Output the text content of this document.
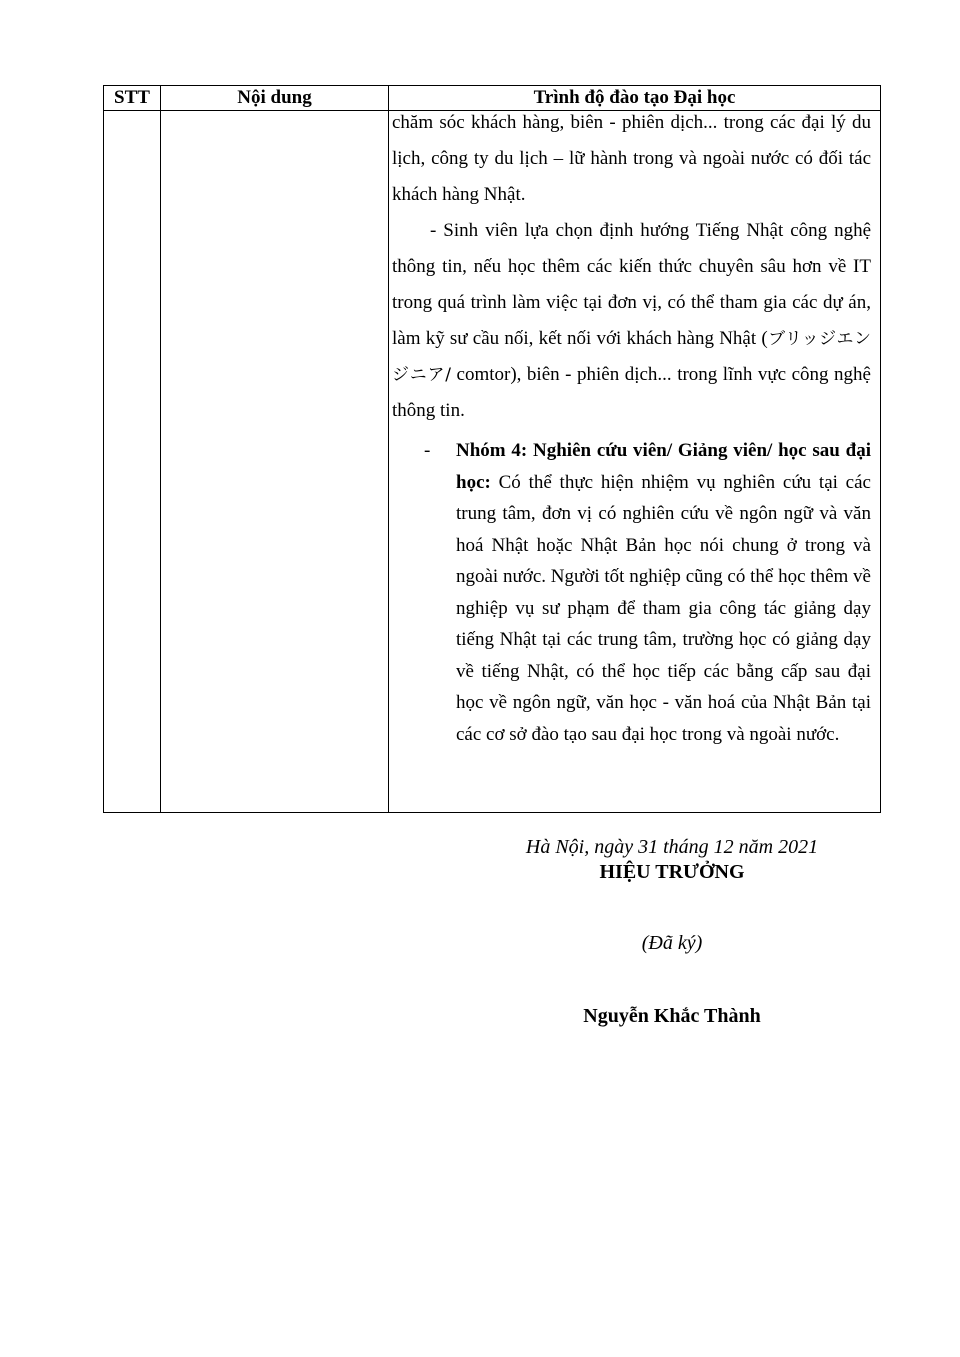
STT	Nội dung	Trình độ đào tạo Đại học

		chăm sóc khách hàng, biên - phiên dịch... trong các đại lý du lịch, công ty du lịch – lữ hành trong và ngoài nước có đối tác khách hàng Nhật.

- Sinh viên lựa chọn định hướng Tiếng Nhật công nghệ thông tin, nếu học thêm các kiến thức chuyên sâu hơn về IT trong quá trình làm việc tại đơn vị, có thể tham gia các dự án, làm kỹ sư cầu nối, kết nối với khách hàng Nhật (ブリッジエンジニア/ comtor), biên - phiên dịch... trong lĩnh vực công nghệ thông tin.

- Nhóm 4: Nghiên cứu viên/ Giảng viên/ học sau đại học: Có thể thực hiện nhiệm vụ nghiên cứu tại các trung tâm, đơn vị có nghiên cứu về ngôn ngữ và văn hoá Nhật hoặc Nhật Bản học nói chung ở trong và ngoài nước. Người tốt nghiệp cũng có thể học thêm về nghiệp vụ sư phạm để tham gia công tác giảng dạy tiếng Nhật tại các trung tâm, trường học có giảng dạy về tiếng Nhật, có thể học tiếp các bằng cấp sau đại học về ngôn ngữ, văn học - văn hoá của Nhật Bản tại các cơ sở đào tạo sau đại học trong và ngoài nước.
Hà Nội, ngày 31 tháng 12 năm 2021
HIỆU TRƯỞNG
(Đã ký)
Nguyễn Khắc Thành
